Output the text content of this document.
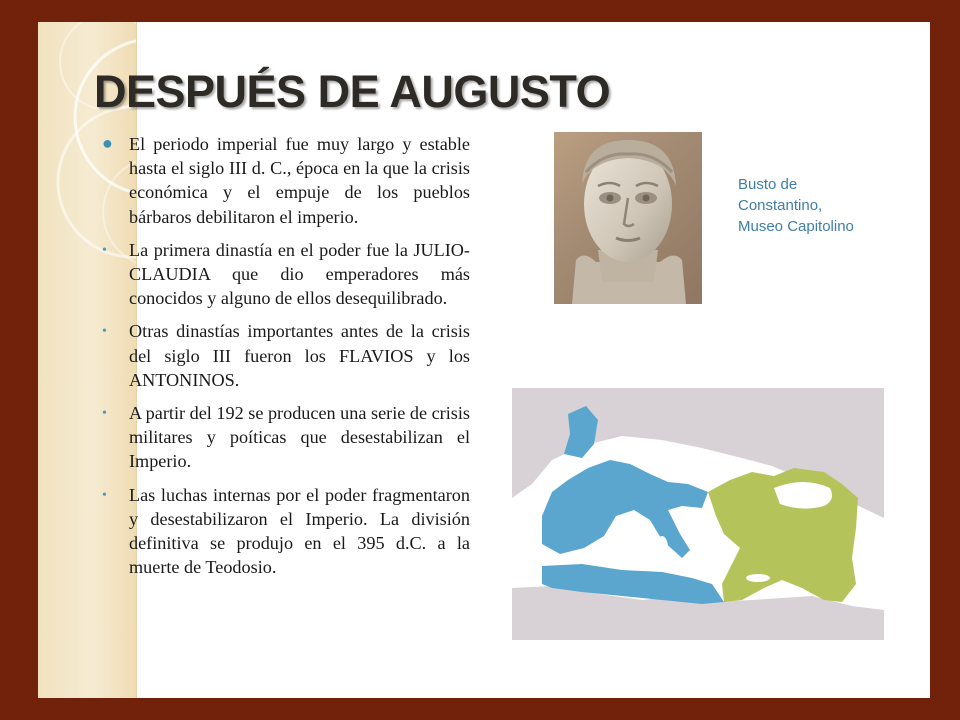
DESPUÉS DE AUGUSTO
● El periodo imperial fue muy largo y estable hasta el siglo III d. C., época en la que la crisis económica y el empuje de los pueblos bárbaros debilitaron el imperio.
• La primera dinastía en el poder fue la JULIO-CLAUDIA que dio emperadores más conocidos y alguno de ellos desequilibrado.
• Otras dinastías importantes antes de la crisis del siglo III fueron los FLAVIOS y los ANTONINOS.
• A partir del 192 se producen una serie de crisis militares y poíticas que desestabilizan el Imperio.
• Las luchas internas por el poder fragmentaron y desestabilizaron el Imperio. La división definitiva se produjo en el 395 d.C. a la muerte de Teodosio.
Busto de
Constantino,
Museo Capitolino
